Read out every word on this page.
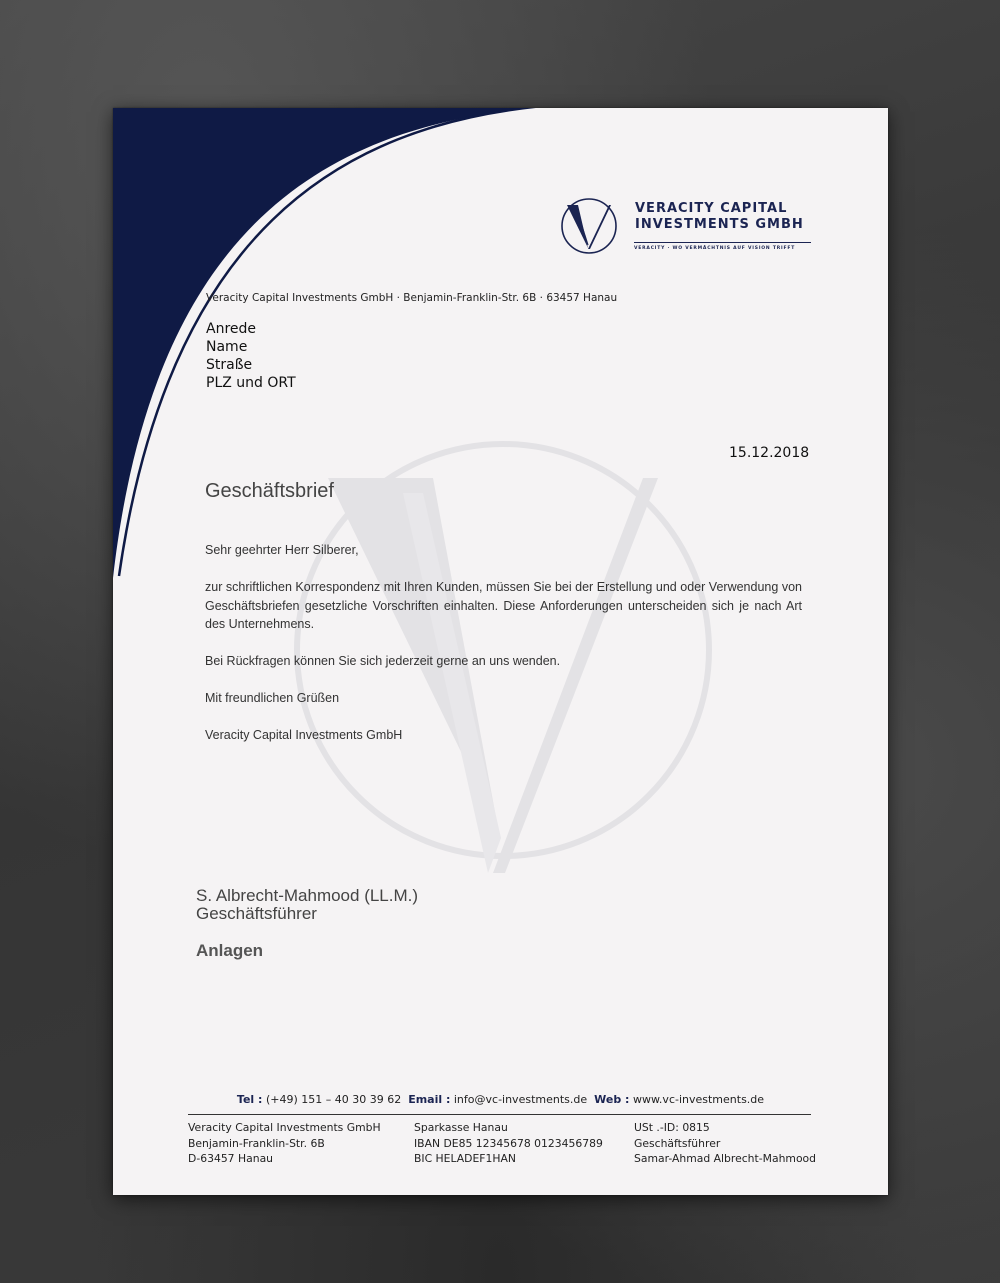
VERACITY CAPITAL
INVESTMENTS GMBH
VERACITY · WO VERMÄCHTNIS AUF VISION TRIFFT
Veracity Capital Investments GmbH · Benjamin-Franklin-Str. 6B · 63457 Hanau
Anrede
Name
Straße
PLZ und ORT
15.12.2018
Geschäftsbrief

Sehr geehrter Herr Silberer,

zur schriftlichen Korrespondenz mit Ihren Kunden, müssen Sie bei der Erstellung und oder Verwendung von Geschäftsbriefen gesetzliche Vorschriften einhalten. Diese Anforderungen unterscheiden sich je nach Art des Unternehmens.

Bei Rückfragen können Sie sich jederzeit gerne an uns wenden.

Mit freundlichen Grüßen

Veracity Capital Investments GmbH

S. Albrecht-Mahmood (LL.M.)
Geschäftsführer
Anlagen
Tel : (+49) 151 – 40 30 39 62 Email : info@vc-investments.de Web : www.vc-investments.de
Veracity Capital Investments GmbH
Benjamin-Franklin-Str. 6B
D-63457 Hanau
Sparkasse Hanau
IBAN DE85 12345678 0123456789
BIC HELADEF1HAN
USt .-ID: 0815
Geschäftsführer
Samar-Ahmad Albrecht-Mahmood
